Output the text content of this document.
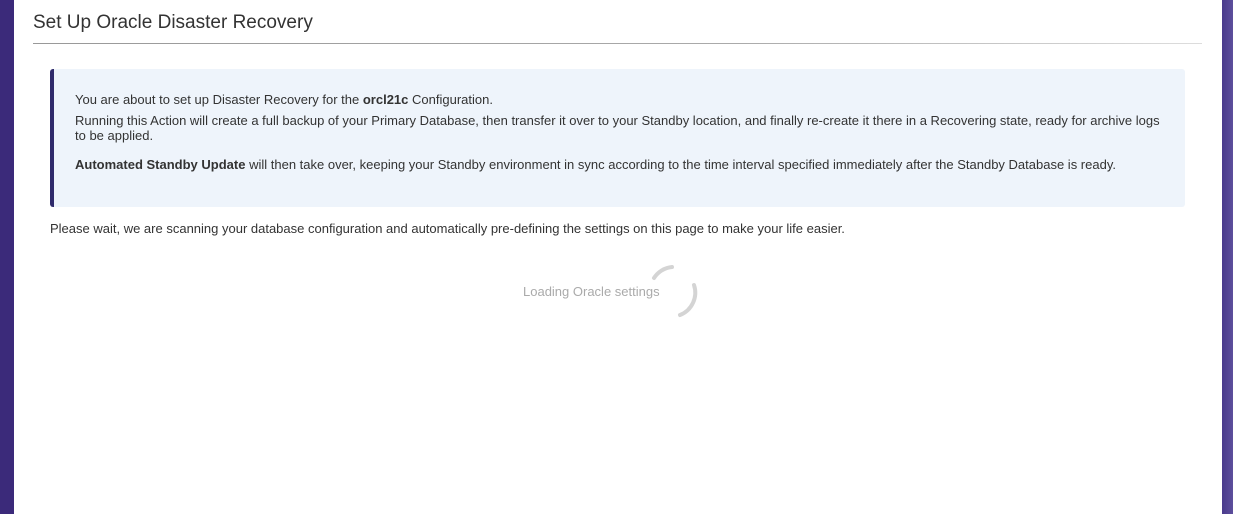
Set Up Oracle Disaster Recovery

You are about to set up Disaster Recovery for the orcl21c Configuration.

Running this Action will create a full backup of your Primary Database, then transfer it over to your Standby location, and finally re-create it there in a Recovering state, ready for archive logs to be applied.

Automated Standby Update will then take over, keeping your Standby environment in sync according to the time interval specified immediately after the Standby Database is ready.

Please wait, we are scanning your database configuration and automatically pre-defining the settings on this page to make your life easier.

Loading Oracle settings
